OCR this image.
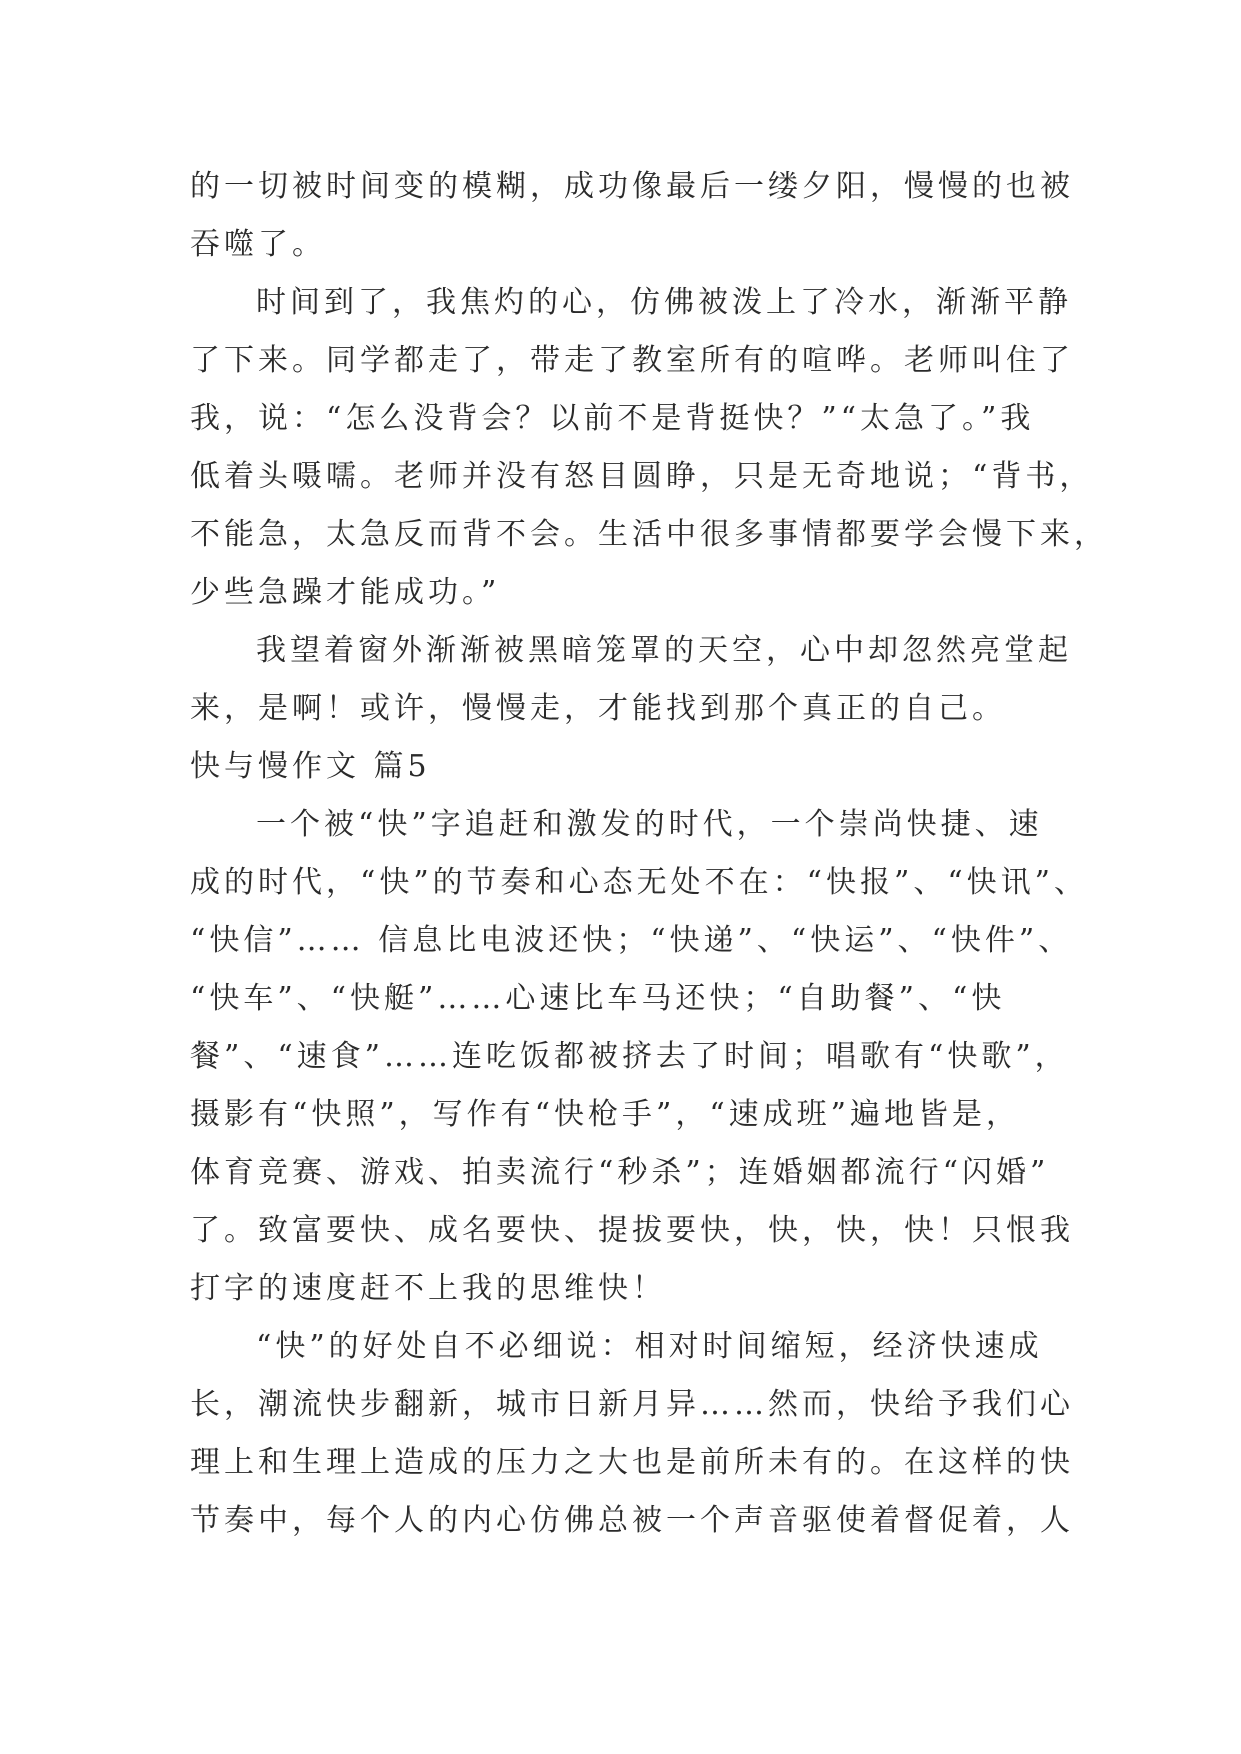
的一切被时间变的模糊，成功像最后一缕夕阳，慢慢的也被
吞噬了。
时间到了，我焦灼的心，仿佛被泼上了冷水，渐渐平静
了下来。同学都走了，带走了教室所有的喧哗。老师叫住了
我，说：“怎么没背会？以前不是背挺快？”“太急了。”我
低着头嗫嚅。老师并没有怒目圆睁，只是无奇地说；“背书，
不能急，太急反而背不会。生活中很多事情都要学会慢下来，
少些急躁才能成功。”
我望着窗外渐渐被黑暗笼罩的天空，心中却忽然亮堂起
来，是啊！或许，慢慢走，才能找到那个真正的自己。
快与慢作文 篇5
一个被“快”字追赶和激发的时代，一个崇尚快捷、速
成的时代，“快”的节奏和心态无处不在：“快报”、“快讯”、
“快信”…… 信息比电波还快；“快递”、“快运”、“快件”、
“快车”、“快艇”……心速比车马还快；“自助餐”、“快
餐”、“速食”……连吃饭都被挤去了时间；唱歌有“快歌”，
摄影有“快照”，写作有“快枪手”，“速成班”遍地皆是，
体育竞赛、游戏、拍卖流行“秒杀”；连婚姻都流行“闪婚”
了。致富要快、成名要快、提拔要快，快，快，快！只恨我
打字的速度赶不上我的思维快！
“快”的好处自不必细说：相对时间缩短，经济快速成
长，潮流快步翻新，城市日新月异……然而，快给予我们心
理上和生理上造成的压力之大也是前所未有的。在这样的快
节奏中，每个人的内心仿佛总被一个声音驱使着督促着，人
